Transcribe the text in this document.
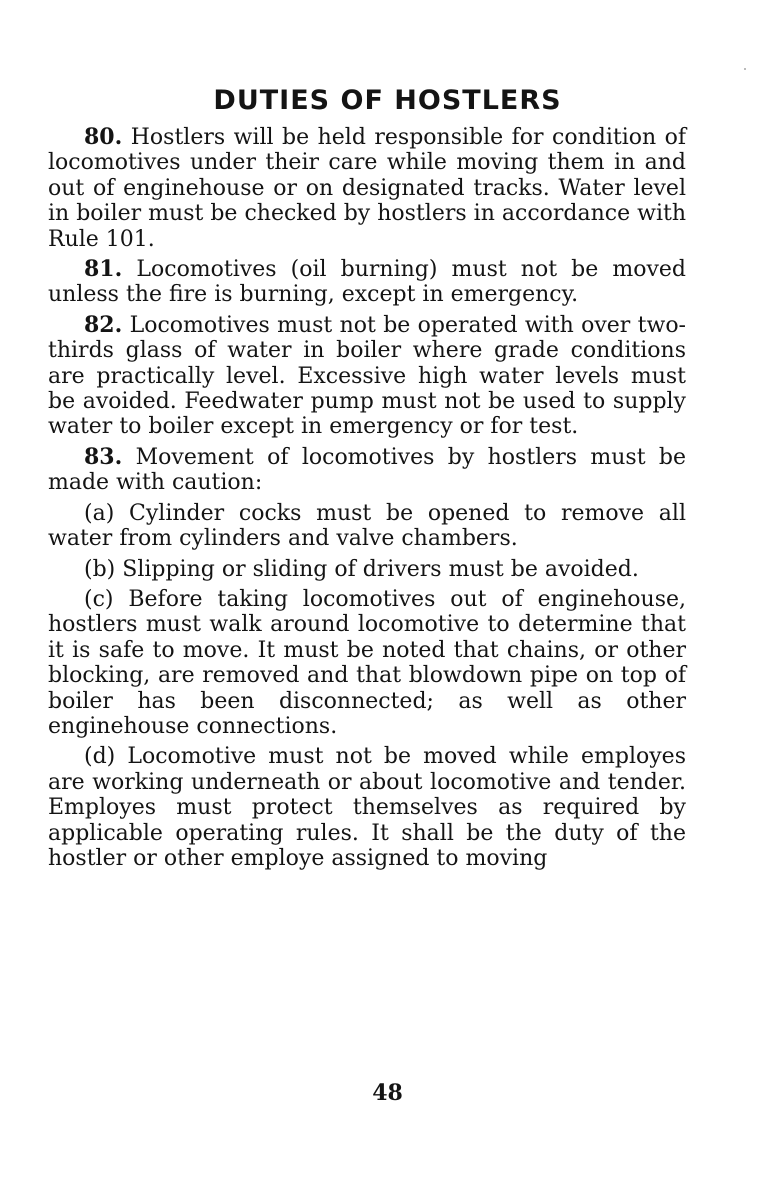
DUTIES OF HOSTLERS

80. Hostlers will be held responsible for condition of locomotives under their care while moving them in and out of enginehouse or on designated tracks. Water level in boiler must be checked by hostlers in accordance with Rule 101.

81. Locomotives (oil burning) must not be moved unless the fire is burning, except in emergency.

82. Locomotives must not be operated with over two-thirds glass of water in boiler where grade conditions are practically level. Excessive high water levels must be avoided. Feedwater pump must not be used to supply water to boiler except in emergency or for test.

83. Movement of locomotives by hostlers must be made with caution:

(a) Cylinder cocks must be opened to remove all water from cylinders and valve chambers.

(b) Slipping or sliding of drivers must be avoided.

(c) Before taking locomotives out of enginehouse, hostlers must walk around locomotive to determine that it is safe to move. It must be noted that chains, or other blocking, are removed and that blowdown pipe on top of boiler has been disconnected; as well as other enginehouse connections.

(d) Locomotive must not be moved while employes are working underneath or about locomotive and tender. Employes must protect themselves as required by applicable operating rules. It shall be the duty of the hostler or other employe assigned to moving

48
